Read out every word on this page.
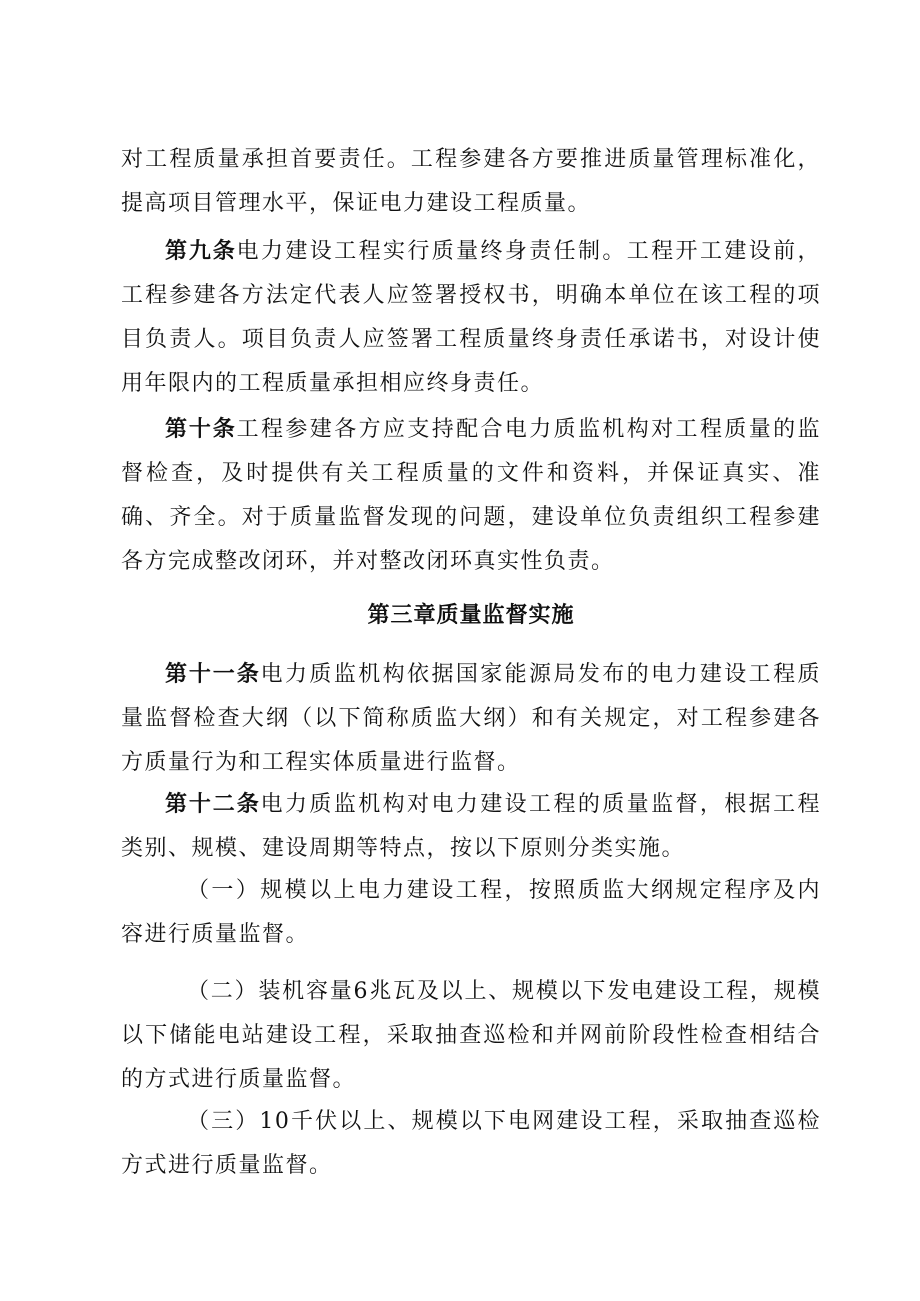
对工程质量承担首要责任。工程参建各方要推进质量管理标准化，提高项目管理水平，保证电力建设工程质量。

第九条电力建设工程实行质量终身责任制。工程开工建设前，工程参建各方法定代表人应签署授权书，明确本单位在该工程的项目负责人。项目负责人应签署工程质量终身责任承诺书，对设计使用年限内的工程质量承担相应终身责任。

第十条工程参建各方应支持配合电力质监机构对工程质量的监督检查，及时提供有关工程质量的文件和资料，并保证真实、准确、齐全。对于质量监督发现的问题，建设单位负责组织工程参建各方完成整改闭环，并对整改闭环真实性负责。

第三章质量监督实施

第十一条电力质监机构依据国家能源局发布的电力建设工程质量监督检查大纲（以下简称质监大纲）和有关规定，对工程参建各方质量行为和工程实体质量进行监督。

第十二条电力质监机构对电力建设工程的质量监督，根据工程类别、规模、建设周期等特点，按以下原则分类实施。

（一）规模以上电力建设工程，按照质监大纲规定程序及内容进行质量监督。

（二）装机容量6兆瓦及以上、规模以下发电建设工程，规模以下储能电站建设工程，采取抽查巡检和并网前阶段性检查相结合的方式进行质量监督。

（三）10千伏以上、规模以下电网建设工程，采取抽查巡检方式进行质量监督。
